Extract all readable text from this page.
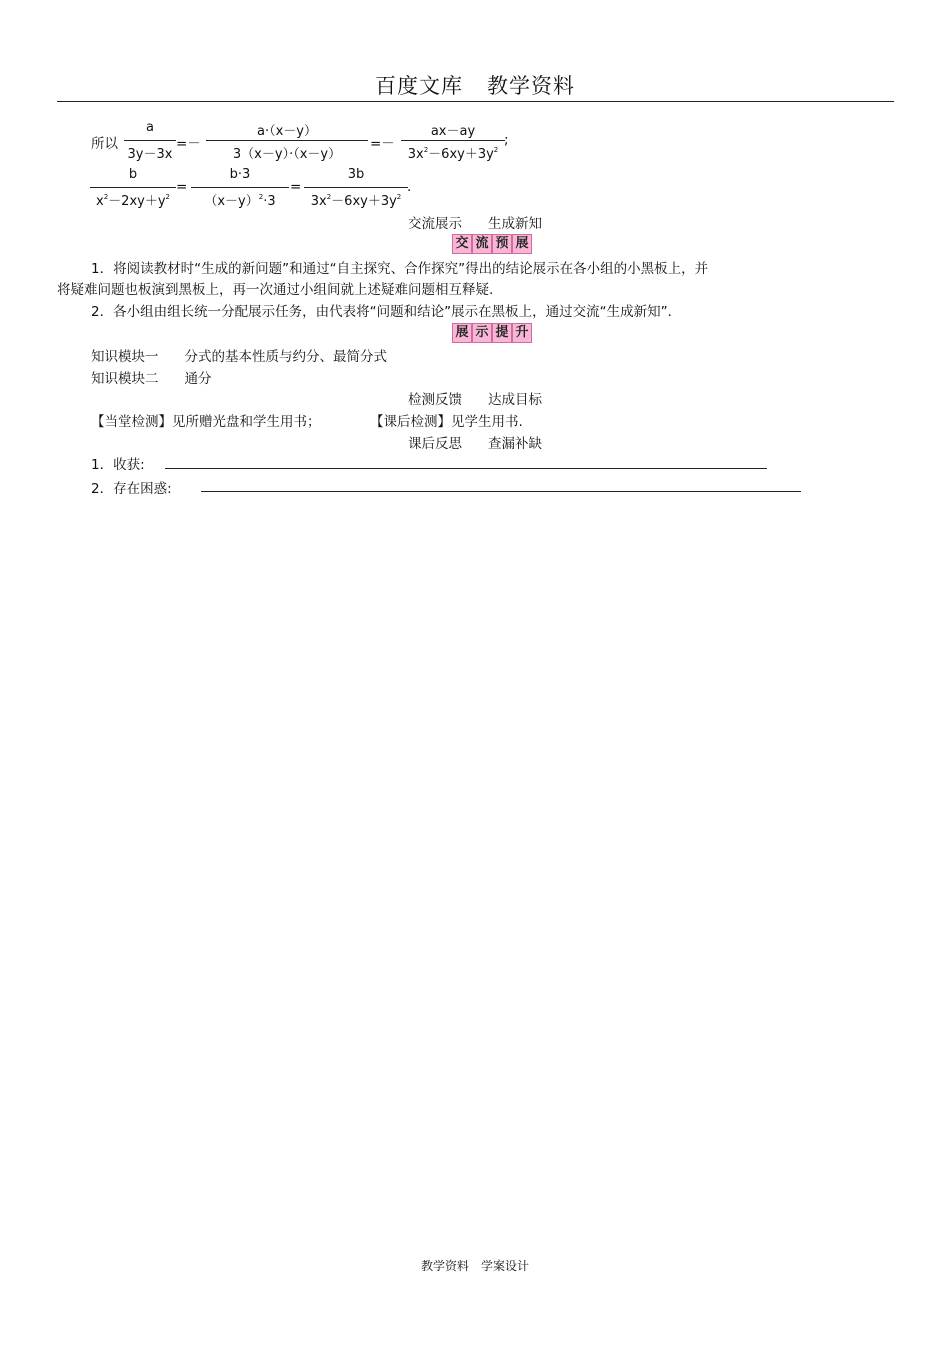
百度文库 教学资料
所以
a
3y－3x
=－
a·（x－y）
3（x－y）·（x－y）
=－
ax－ay
$3x^2-6xy+3y^2$
;
b
$x^2-2xy+y^2$
=
b·3
$(x-y)^2\cdot 3$
=
3b
$3x^2-6xy+3y^2$
.
交流展示 生成新知
交 流 预 展
1．将阅读教材时“生成的新问题”和通过“自主探究、合作探究”得出的结论展示在各小组的小黑板上，并
将疑难问题也板演到黑板上，再一次通过小组间就上述疑难问题相互释疑.
2．各小组由组长统一分配展示任务，由代表将“问题和结论”展示在黑板上，通过交流“生成新知”．
展 示 提 升
知识模块一 分式的基本性质与约分、最简分式
知识模块二 通分
检测反馈 达成目标
【当堂检测】见所赠光盘和学生用书；	【课后检测】见学生用书.
课后反思 查漏补缺
1．收获:
2．存在困惑:
教学资料 学案设计
